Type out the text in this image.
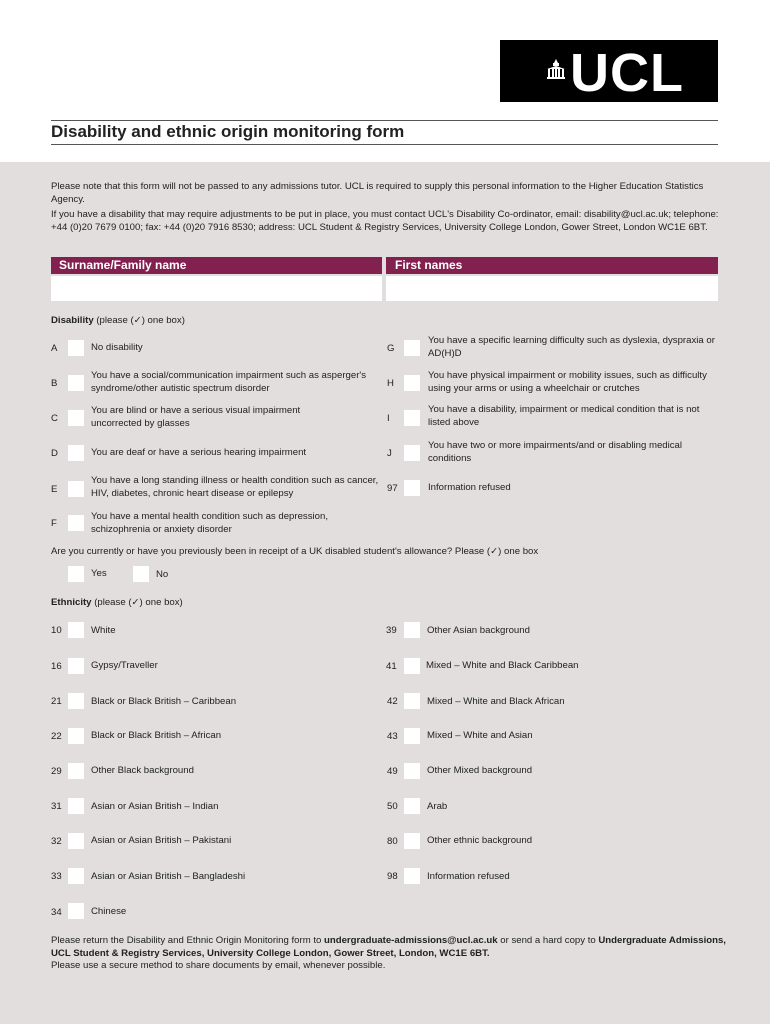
UCL
Disability and ethnic origin monitoring form
Please note that this form will not be passed to any admissions tutor. UCL is required to supply this personal information to the Higher Education Statistics Agency.
If you have a disability that may require adjustments to be put in place, you must contact UCL's Disability Co-ordinator, email: disability@ucl.ac.uk; telephone: +44 (0)20 7679 0100; fax: +44 (0)20 7916 8530; address: UCL Student & Registry Services, University College London, Gower Street, London WC1E 6BT.
Surname/Family name	First names
Disability (please (✓) one box)
A	No disability
B
You have a social/communication impairment such as asperger's syndrome/other autistic spectrum disorder
C
You are blind or have a serious visual impairment uncorrected by glasses
D	You are deaf or have a serious hearing impairment
E
You have a long standing illness or health condition such as cancer, HIV, diabetes, chronic heart disease or epilepsy
F
You have a mental health condition such as depression, schizophrenia or anxiety disorder
G
You have a specific learning difficulty such as dyslexia, dyspraxia or AD(H)D
H
You have physical impairment or mobility issues, such as difficulty using your arms or using a wheelchair or crutches
I
You have a disability, impairment or medical condition that is not listed above
J
You have two or more impairments/and or disabling medical conditions
97	Information refused
Are you currently or have you previously been in receipt of a UK disabled student's allowance? Please (✓) one box
Yes	No
Ethnicity (please (✓) one box)
10	White
16	Gypsy/Traveller
21	Black or Black British – Caribbean
22	Black or Black British – African
29	Other Black background
31	Asian or Asian British – Indian
32	Asian or Asian British – Pakistani
33	Asian or Asian British – Bangladeshi
34	Chinese
39	Other Asian background
41	Mixed – White and Black Caribbean
42	Mixed – White and Black African
43	Mixed – White and Asian
49	Other Mixed background
50	Arab
80	Other ethnic background
98	Information refused
Please return the Disability and Ethnic Origin Monitoring form to undergraduate-admissions@ucl.ac.uk or send a hard copy to Undergraduate Admissions, UCL Student & Registry Services, University College London, Gower Street, London, WC1E 6BT.
Please use a secure method to share documents by email, whenever possible.
